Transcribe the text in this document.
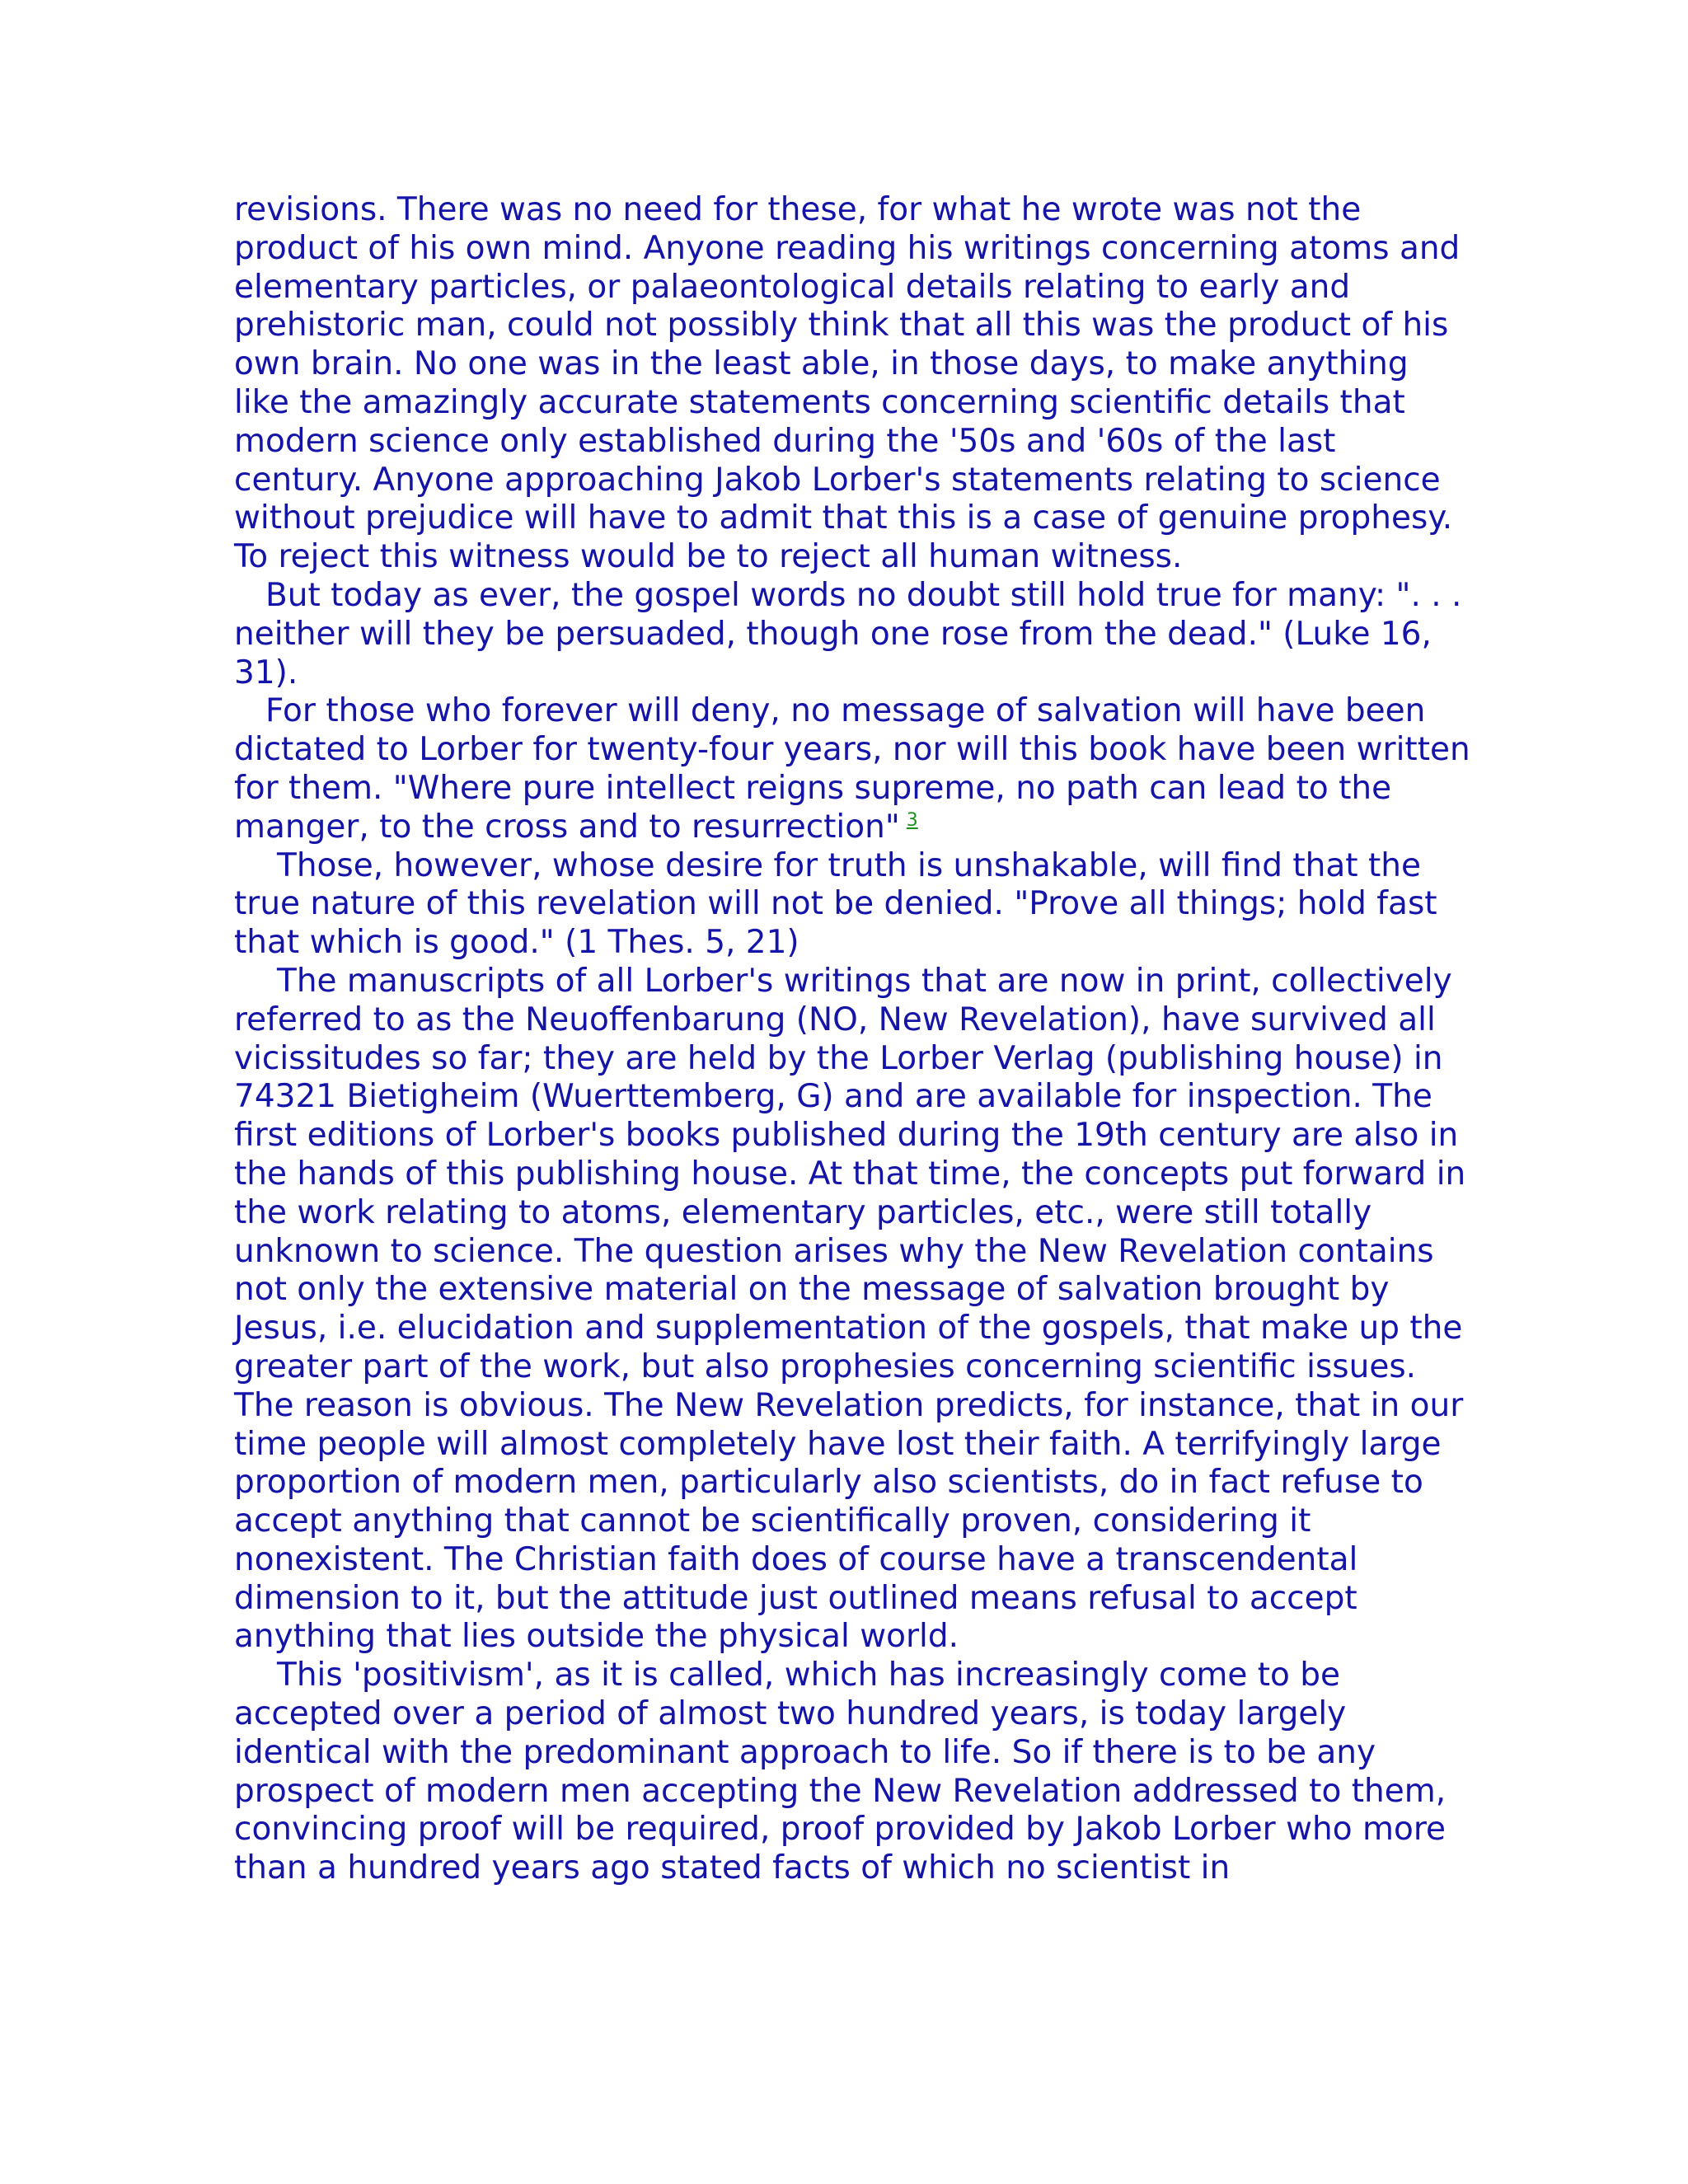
revisions. There was no need for these, for what he wrote was not the product of his own mind. Anyone reading his writings concerning atoms and elementary particles, or palaeontological details relating to early and prehistoric man, could not possibly think that all this was the product of his own brain. No one was in the least able, in those days, to make anything like the amazingly accurate statements concerning scientific details that modern science only established during the '50s and '60s of the last century. Anyone approaching Jakob Lorber's statements relating to science without prejudice will have to admit that this is a case of genuine prophesy. To reject this witness would be to reject all human witness.

But today as ever, the gospel words no doubt still hold true for many: ". . . neither will they be persuaded, though one rose from the dead." (Luke 16, 31).

For those who forever will deny, no message of salvation will have been dictated to Lorber for twenty-four years, nor will this book have been written for them. "Where pure intellect reigns supreme, no path can lead to the manger, to the cross and to resurrection" $^3$

Those, however, whose desire for truth is unshakable, will find that the true nature of this revelation will not be denied. "Prove all things; hold fast that which is good." (1 Thes. 5, 21)

The manuscripts of all Lorber's writings that are now in print, collectively referred to as the Neuoffenbarung (NO, New Revelation), have survived all vicissitudes so far; they are held by the Lorber Verlag (publishing house) in 74321 Bietigheim (Wuerttemberg, G) and are available for inspection. The first editions of Lorber's books published during the 19th century are also in the hands of this publishing house. At that time, the concepts put forward in the work relating to atoms, elementary particles, etc., were still totally unknown to science. The question arises why the New Revelation contains not only the extensive material on the message of salvation brought by Jesus, i.e. elucidation and supplementation of the gospels, that make up the greater part of the work, but also prophesies concerning scientific issues. The reason is obvious. The New Revelation predicts, for instance, that in our time people will almost completely have lost their faith. A terrifyingly large proportion of modern men, particularly also scientists, do in fact refuse to accept anything that cannot be scientifically proven, considering it nonexistent. The Christian faith does of course have a transcendental dimension to it, but the attitude just outlined means refusal to accept anything that lies outside the physical world.

This 'positivism', as it is called, which has increasingly come to be accepted over a period of almost two hundred years, is today largely identical with the predominant approach to life. So if there is to be any prospect of modern men accepting the New Revelation addressed to them, convincing proof will be required, proof provided by Jakob Lorber who more than a hundred years ago stated facts of which no scientist in
